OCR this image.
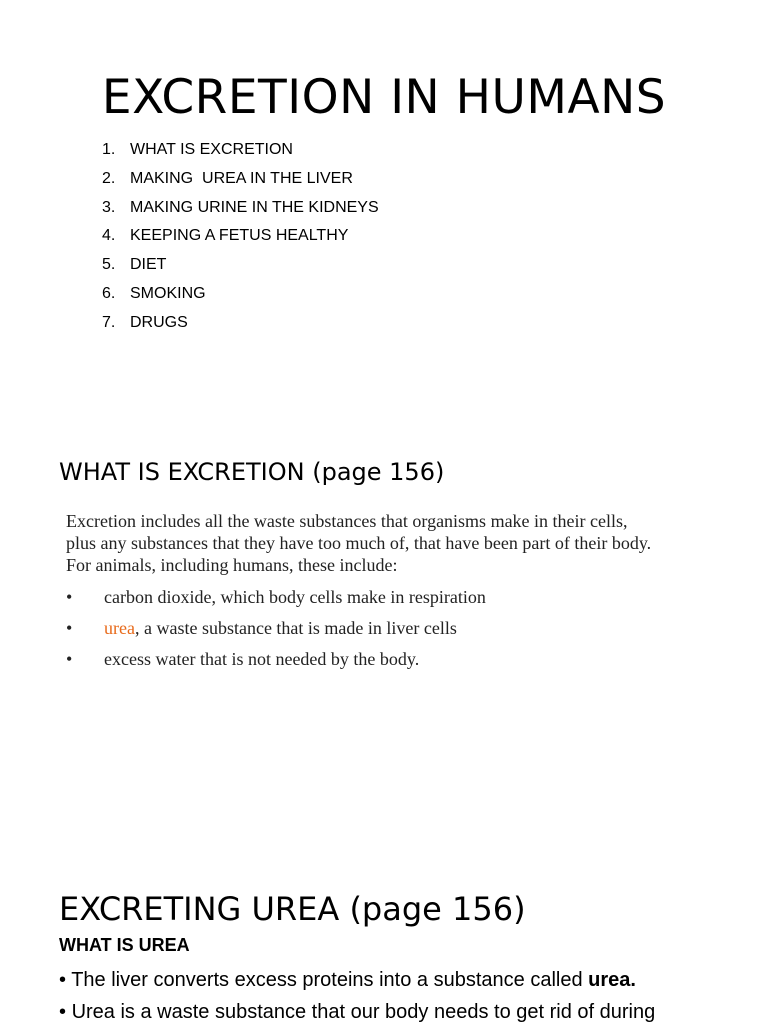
EXCRETION IN HUMANS
1. WHAT IS EXCRETION
2. MAKING  UREA IN THE LIVER
3. MAKING URINE IN THE KIDNEYS
4. KEEPING A FETUS HEALTHY
5. DIET
6. SMOKING
7. DRUGS
WHAT IS EXCRETION (page 156)

Excretion includes all the waste substances that organisms make in their cells, plus any substances that they have too much of, that have been part of their body. For animals, including humans, these include:

• carbon dioxide, which body cells make in respiration
• urea, a waste substance that is made in liver cells
• excess water that is not needed by the body.
EXCRETING UREA (page 156)
WHAT IS UREA
• The liver converts excess proteins into a substance called urea.
• Urea is a waste substance that our body needs to get rid of during
